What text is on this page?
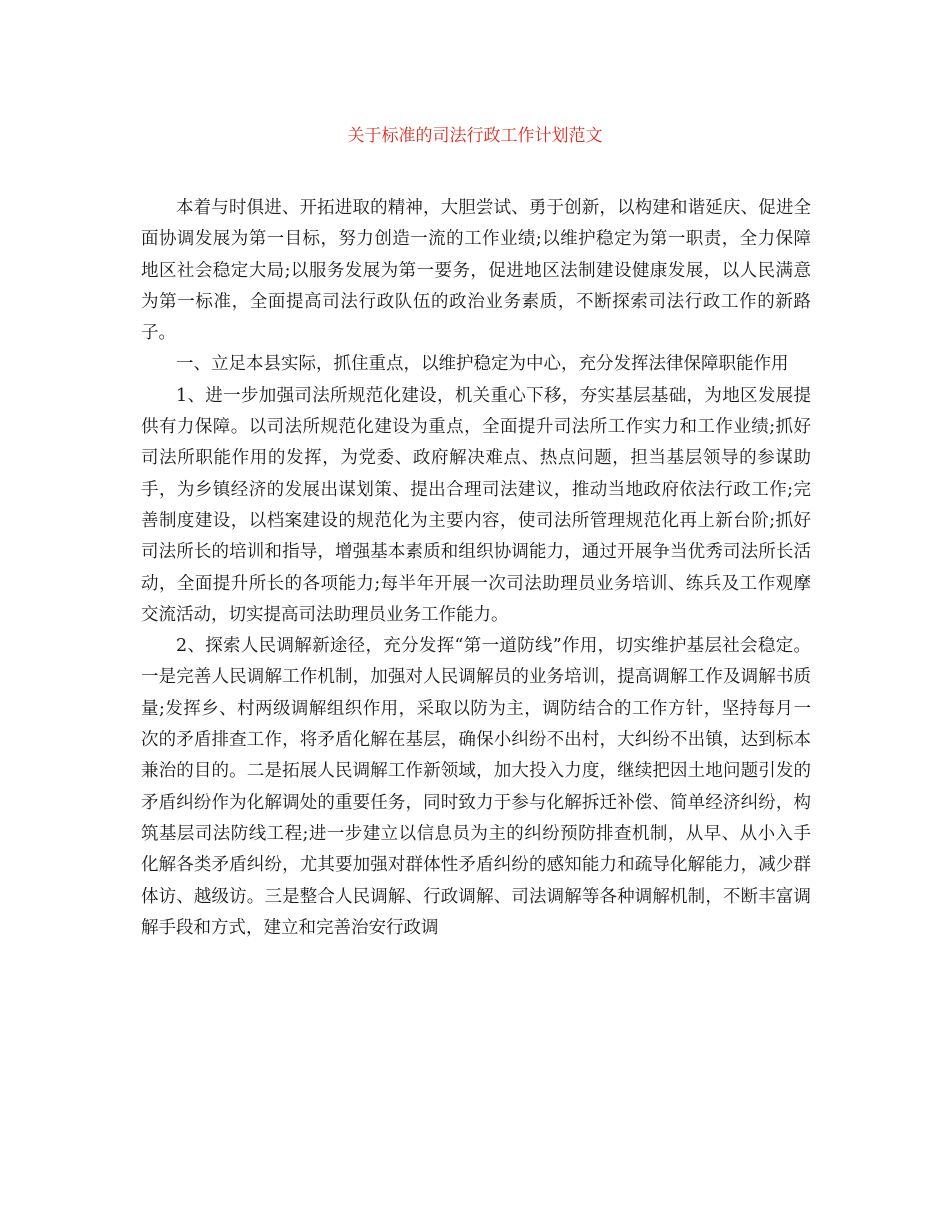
关于标准的司法行政工作计划范文

本着与时俱进、开拓进取的精神，大胆尝试、勇于创新，以构建和谐延庆、促进全面协调发展为第一目标，努力创造一流的工作业绩;以维护稳定为第一职责，全力保障地区社会稳定大局;以服务发展为第一要务，促进地区法制建设健康发展，以人民满意为第一标准，全面提高司法行政队伍的政治业务素质，不断探索司法行政工作的新路子。

一、立足本县实际，抓住重点，以维护稳定为中心，充分发挥法律保障职能作用

1、进一步加强司法所规范化建设，机关重心下移，夯实基层基础，为地区发展提供有力保障。以司法所规范化建设为重点，全面提升司法所工作实力和工作业绩;抓好司法所职能作用的发挥，为党委、政府解决难点、热点问题，担当基层领导的参谋助手，为乡镇经济的发展出谋划策、提出合理司法建议，推动当地政府依法行政工作;完善制度建设，以档案建设的规范化为主要内容，使司法所管理规范化再上新台阶;抓好司法所长的培训和指导，增强基本素质和组织协调能力，通过开展争当优秀司法所长活动，全面提升所长的各项能力;每半年开展一次司法助理员业务培训、练兵及工作观摩交流活动，切实提高司法助理员业务工作能力。

2、探索人民调解新途径，充分发挥“第一道防线”作用，切实维护基层社会稳定。一是完善人民调解工作机制，加强对人民调解员的业务培训，提高调解工作及调解书质量;发挥乡、村两级调解组织作用，采取以防为主，调防结合的工作方针，坚持每月一次的矛盾排查工作，将矛盾化解在基层，确保小纠纷不出村，大纠纷不出镇，达到标本兼治的目的。二是拓展人民调解工作新领域，加大投入力度，继续把因土地问题引发的矛盾纠纷作为化解调处的重要任务，同时致力于参与化解拆迁补偿、简单经济纠纷，构筑基层司法防线工程;进一步建立以信息员为主的纠纷预防排查机制，从早、从小入手化解各类矛盾纠纷，尤其要加强对群体性矛盾纠纷的感知能力和疏导化解能力，减少群体访、越级访。三是整合人民调解、行政调解、司法调解等各种调解机制，不断丰富调解手段和方式，建立和完善治安行政调
